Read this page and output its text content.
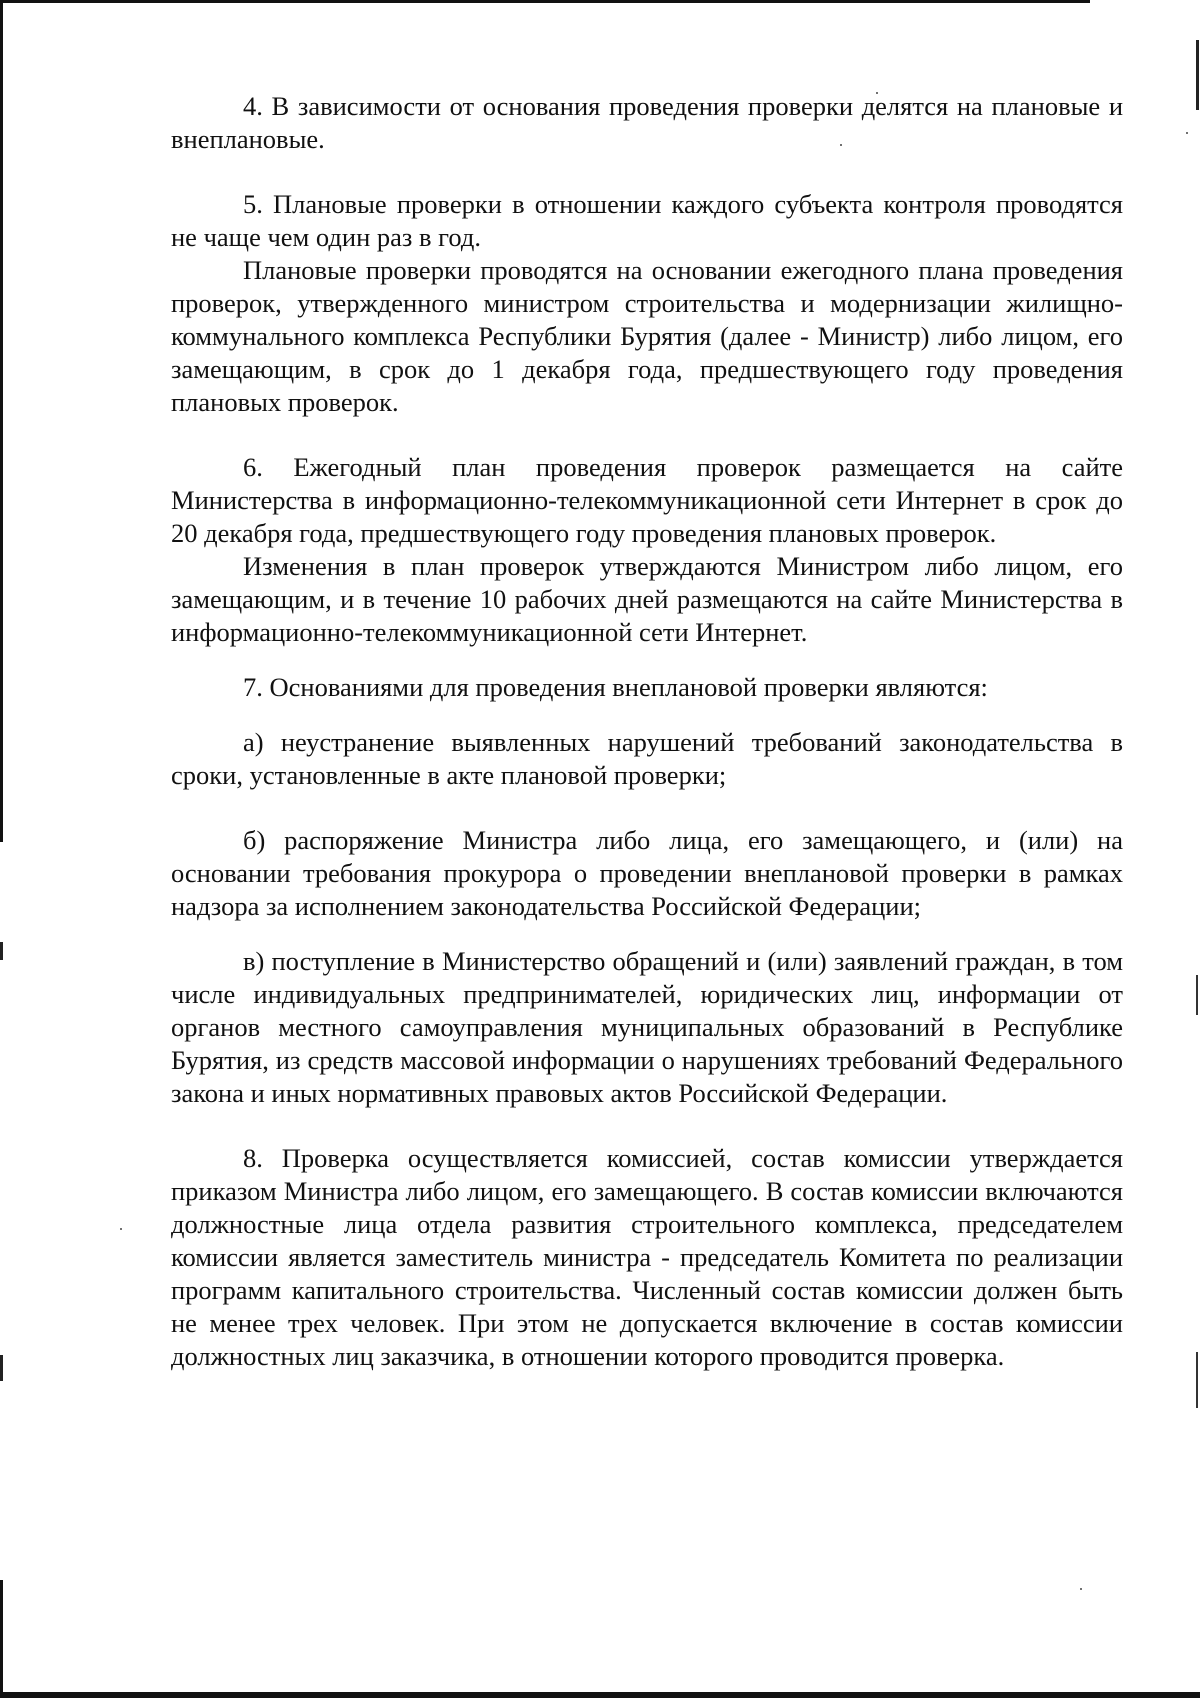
4. В зависимости от основания проведения проверки делятся на плановые и внеплановые.

5. Плановые проверки в отношении каждого субъекта контроля проводятся не чаще чем один раз в год.

Плановые проверки проводятся на основании ежегодного плана проведения проверок, утвержденного министром строительства и модернизации жилищно-коммунального комплекса Республики Бурятия (далее - Министр) либо лицом, его замещающим, в срок до 1 декабря года, предшествующего году проведения плановых проверок.

6. Ежегодный план проведения проверок размещается на сайте Министерства в информационно-телекоммуникационной сети Интернет в срок до 20 декабря года, предшествующего году проведения плановых проверок.

Изменения в план проверок утверждаются Министром либо лицом, его замещающим, и в течение 10 рабочих дней размещаются на сайте Министерства в информационно-телекоммуникационной сети Интернет.

7. Основаниями для проведения внеплановой проверки являются:

а) неустранение выявленных нарушений требований законодательства в сроки, установленные в акте плановой проверки;

б) распоряжение Министра либо лица, его замещающего, и (или) на основании требования прокурора о проведении внеплановой проверки в рамках надзора за исполнением законодательства Российской Федерации;

в) поступление в Министерство обращений и (или) заявлений граждан, в том числе индивидуальных предпринимателей, юридических лиц, информации от органов местного самоуправления муниципальных образований в Республике Бурятия, из средств массовой информации о нарушениях требований Федерального закона и иных нормативных правовых актов Российской Федерации.

8. Проверка осуществляется комиссией, состав комиссии утверждается приказом Министра либо лицом, его замещающего. В состав комиссии включаются должностные лица отдела развития строительного комплекса, председателем комиссии является заместитель министра - председатель Комитета по реализации программ капитального строительства. Численный состав комиссии должен быть не менее трех человек. При этом не допускается включение в состав комиссии должностных лиц заказчика, в отношении которого проводится проверка.
